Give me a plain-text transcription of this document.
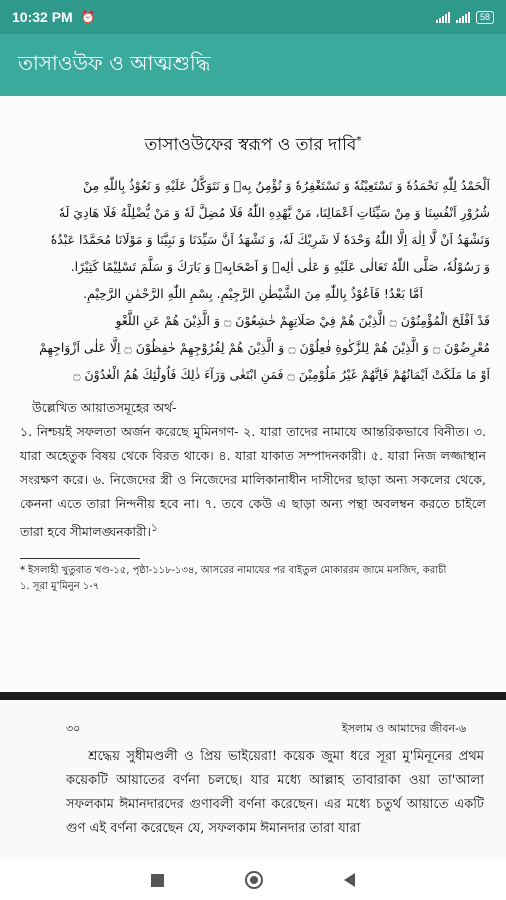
10:32 PM ⏰	58
তাসাওউফ ও আত্মশুদ্ধি
তাসাওউফের স্বরূপ ও তার দাবি*

اَلْحَمْدُ لِلّٰهِ نَحْمَدُهٗ وَ نَسْتَعِيْنُهٗ وَ نَسْتَغْفِرُهٗ وَ نُؤْمِنُ بِهٖ وَ نَتَوَكَّلُ عَلَيْهِ وَ نَعُوْذُ بِاللّٰهِ مِنْ

شُرُوْرِ اَنْفُسِنَا وَ مِنْ سَيِّئَاتِ اَعْمَالِنَا، مَنْ يَّهْدِهِ اللّٰهُ فَلَا مُضِلَّ لَهٗ وَ مَنْ يُّضْلِلْهُ فَلَا هَادِيَ لَهٗ

وَنَشْهَدُ اَنْ لَّا اِلٰهَ اِلَّا اللّٰهُ وَحْدَهٗ لَا شَرِيْكَ لَهٗ، وَ نَشْهَدُ اَنَّ سَيِّدَنَا وَ نَبِيَّنَا وَ مَوْلَانَا مُحَمَّدًا عَبْدُهٗ

وَ رَسُوْلُهٗ، صَلَّى اللّٰهُ تَعَالٰى عَلَيْهِ وَ عَلٰى اٰلِهٖ وَ اَصْحَابِهٖ وَ بَارَكَ وَ سَلَّمَ تَسْلِيْمًا كَثِيْرًا.

اَمَّا بَعْدُ! فَاَعُوْذُ بِاللّٰهِ مِنَ الشَّيْطٰنِ الرَّجِيْمِ. بِسْمِ اللّٰهِ الرَّحْمٰنِ الرَّحِيْمِ.

قَدْ اَفْلَحَ الْمُؤْمِنُوْنَ ۝ الَّذِيْنَ هُمْ فِيْ صَلَاتِهِمْ خٰشِعُوْنَ ۝ وَ الَّذِيْنَ هُمْ عَنِ اللَّغْوِ

مُعْرِضُوْنَ ۝ وَ الَّذِيْنَ هُمْ لِلزَّكٰوةِ فٰعِلُوْنَ ۝ وَ الَّذِيْنَ هُمْ لِفُرُوْجِهِمْ حٰفِظُوْنَ ۝ اِلَّا عَلٰى اَزْوَاجِهِمْ

اَوْ مَا مَلَكَتْ اَيْمَانُهُمْ فَاِنَّهُمْ غَيْرُ مَلُوْمِيْنَ ۝ فَمَنِ ابْتَغٰى وَرَآءَ ذٰلِكَ فَاُولٰٓئِكَ هُمُ الْعٰدُوْنَ ۝

উল্লেখিত আয়াতসমূহের অর্থ-
১. নিশ্চয়ই সফলতা অর্জন করেছে মুমিনগণ- ২. যারা তাদের নামাযে আন্তরিকভাবে বিনীত। ৩. যারা অহেতুক বিষয় থেকে বিরত থাকে। ৪. যারা যাকাত সম্পাদনকারী। ৫. যারা নিজ লজ্জাস্থান সংরক্ষণ করে। ৬. নিজেদের স্ত্রী ও নিজেদের মালিকানাধীন দাসীদের ছাড়া অন্য সকলের থেকে, কেননা এতে তারা নিন্দনীয় হবে না। ৭. তবে কেউ এ ছাড়া অন্য পন্থা অবলম্বন করতে চাইলে তারা হবে সীমালঙ্ঘনকারী।$^১$
* ইসলাহী খুতুবাত খণ্ড-১৫, পৃষ্ঠা-১১৮-১৩৪, আসরের নামাযের পর বাইতুল মোকাররম জামে মসজিদ, করাচী
১. সূরা মু'মিনুন ১-৭
৩০	ইসলাম ও আমাদের জীবন-৬
শ্রদ্ধেয় সুধীমণ্ডলী ও প্রিয় ভাইয়েরা! কয়েক জুমা ধরে সূরা মু'মিনূনের প্রথম কয়েকটি আয়াতের বর্ণনা চলছে। যার মধ্যে আল্লাহ তাবারাকা ওয়া তা'আলা সফলকাম ঈমানদারদের গুণাবলী বর্ণনা করেছেন। এর মধ্যে চতুর্থ আয়াতে একটি গুণ এই বর্ণনা করেছেন যে, সফলকাম ঈমানদার তারা যারা
